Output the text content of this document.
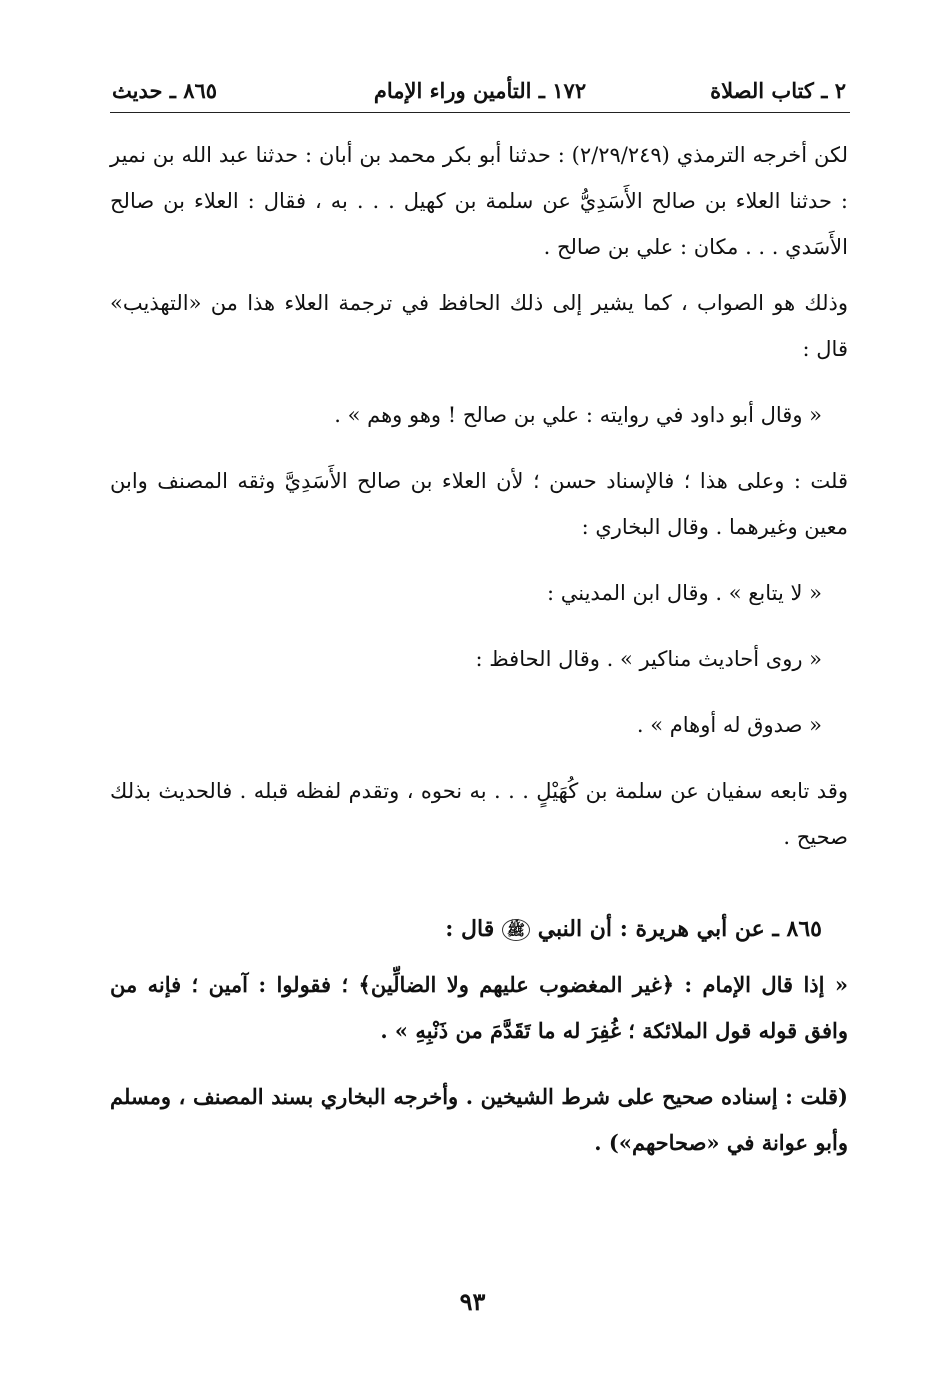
٢ ـ كتاب الصلاة
١٧٢ ـ التأمين وراء الإمام
٨٦٥ ـ حديث

لكن أخرجه الترمذي (٢/٢٩/٢٤٩) : حدثنا أبو بكر محمد بن أبان : حدثنا عبد الله بن نمير : حدثنا العلاء بن صالح الأَسَدِيُّ عن سلمة بن كهيل . . . به ، فقال : العلاء بن صالح الأَسَدي . . . مكان : علي بن صالح .

وذلك هو الصواب ، كما يشير إلى ذلك الحافظ في ترجمة العلاء هذا من «التهذيب» قال :

« وقال أبو داود في روايته : علي بن صالح ! وهو وهم » .

قلت : وعلى هذا ؛ فالإسناد حسن ؛ لأن العلاء بن صالح الأَسَدِيَّ وثقه المصنف وابن معين وغيرهما . وقال البخاري :

« لا يتابع » . وقال ابن المديني :

« روى أحاديث مناكير » . وقال الحافظ :

« صدوق له أوهام » .

وقد تابعه سفيان عن سلمة بن كُهَيْلٍ . . . به نحوه ، وتقدم لفظه قبله . فالحديث بذلك صحيح .

٨٦٥ ـ عن أبي هريرة : أن النبي ﷺ قال :

« إذا قال الإمام : ﴿غير المغضوب عليهم ولا الضالِّين﴾ ؛ فقولوا : آمين ؛ فإنه من وافق قوله قول الملائكة ؛ غُفِرَ له ما تَقَدَّمَ من ذَنْبِهِ » .

(قلت : إسناده صحيح على شرط الشيخين . وأخرجه البخاري بسند المصنف ، ومسلم وأبو عوانة في «صحاحهم») .

٩٣
